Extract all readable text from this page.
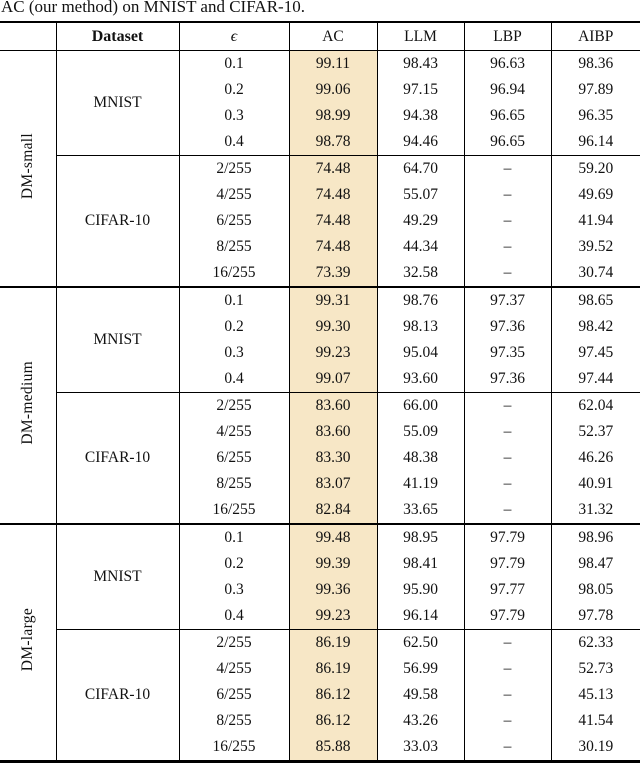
AC (our method) on MNIST and CIFAR-10.
	Dataset	ϵ	AC	LLM	LBP	AIBP
DM-small	MNIST	0.1	99.11	98.43	96.63	98.36
		0.2	99.06	97.15	96.94	97.89
		0.3	98.99	94.38	96.65	96.35
		0.4	98.78	94.46	96.65	96.14
	CIFAR-10	2/255	74.48	64.70	–	59.20
		4/255	74.48	55.07	–	49.69
		6/255	74.48	49.29	–	41.94
		8/255	74.48	44.34	–	39.52
		16/255	73.39	32.58	–	30.74
DM-medium	MNIST	0.1	99.31	98.76	97.37	98.65
		0.2	99.30	98.13	97.36	98.42
		0.3	99.23	95.04	97.35	97.45
		0.4	99.07	93.60	97.36	97.44
	CIFAR-10	2/255	83.60	66.00	–	62.04
		4/255	83.60	55.09	–	52.37
		6/255	83.30	48.38	–	46.26
		8/255	83.07	41.19	–	40.91
		16/255	82.84	33.65	–	31.32
DM-large	MNIST	0.1	99.48	98.95	97.79	98.96
		0.2	99.39	98.41	97.79	98.47
		0.3	99.36	95.90	97.77	98.05
		0.4	99.23	96.14	97.79	97.78
	CIFAR-10	2/255	86.19	62.50	–	62.33
		4/255	86.19	56.99	–	52.73
		6/255	86.12	49.58	–	45.13
		8/255	86.12	43.26	–	41.54
		16/255	85.88	33.03	–	30.19
